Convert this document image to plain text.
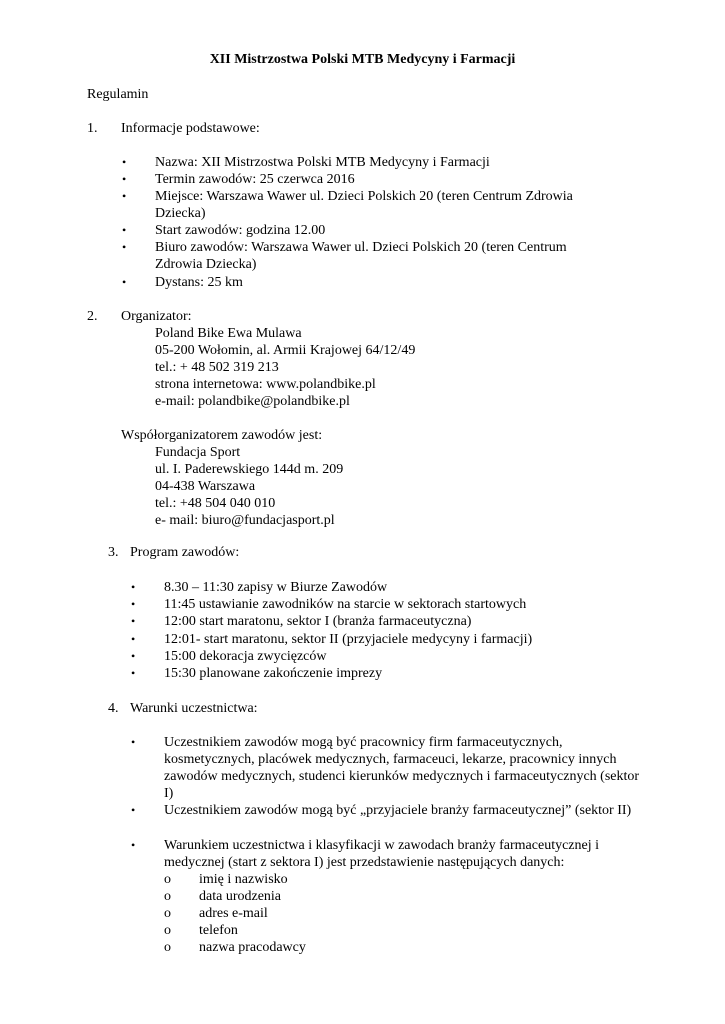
XII Mistrzostwa Polski MTB Medycyny i Farmacji
Regulamin
1. Informacje podstawowe:
• Nazwa: XII Mistrzostwa Polski MTB Medycyny i Farmacji
• Termin zawodów: 25 czerwca 2016
• Miejsce: Warszawa Wawer ul. Dzieci Polskich 20 (teren Centrum Zdrowia Dziecka)
• Start zawodów: godzina 12.00
• Biuro zawodów: Warszawa Wawer ul. Dzieci Polskich 20 (teren Centrum Zdrowia Dziecka)
• Dystans: 25 km
2. Organizator:
Poland Bike Ewa Mulawa
05-200 Wołomin, al. Armii Krajowej 64/12/49
tel.: + 48 502 319 213
strona internetowa: www.polandbike.pl
e-mail: polandbike@polandbike.pl
Współorganizatorem zawodów jest:
Fundacja Sport
ul. I. Paderewskiego 144d m. 209
04-438 Warszawa
tel.: +48 504 040 010
e- mail: biuro@fundacjasport.pl
3. Program zawodów:
• 8.30 – 11:30 zapisy w Biurze Zawodów
• 11:45 ustawianie zawodników na starcie w sektorach startowych
• 12:00 start maratonu, sektor I (branża farmaceutyczna)
• 12:01- start maratonu, sektor II (przyjaciele medycyny i farmacji)
• 15:00 dekoracja zwycięzców
• 15:30 planowane zakończenie imprezy
4. Warunki uczestnictwa:
• Uczestnikiem zawodów mogą być pracownicy firm farmaceutycznych, kosmetycznych, placówek medycznych, farmaceuci, lekarze, pracownicy innych zawodów medycznych, studenci kierunków medycznych i farmaceutycznych (sektor I)
• Uczestnikiem zawodów mogą być „przyjaciele branży farmaceutycznej” (sektor II)
• Warunkiem uczestnictwa i klasyfikacji w zawodach branży farmaceutycznej i medycznej (start z sektora I) jest przedstawienie następujących danych:
o imię i nazwisko
o data urodzenia
o adres e-mail
o telefon
o nazwa pracodawcy
